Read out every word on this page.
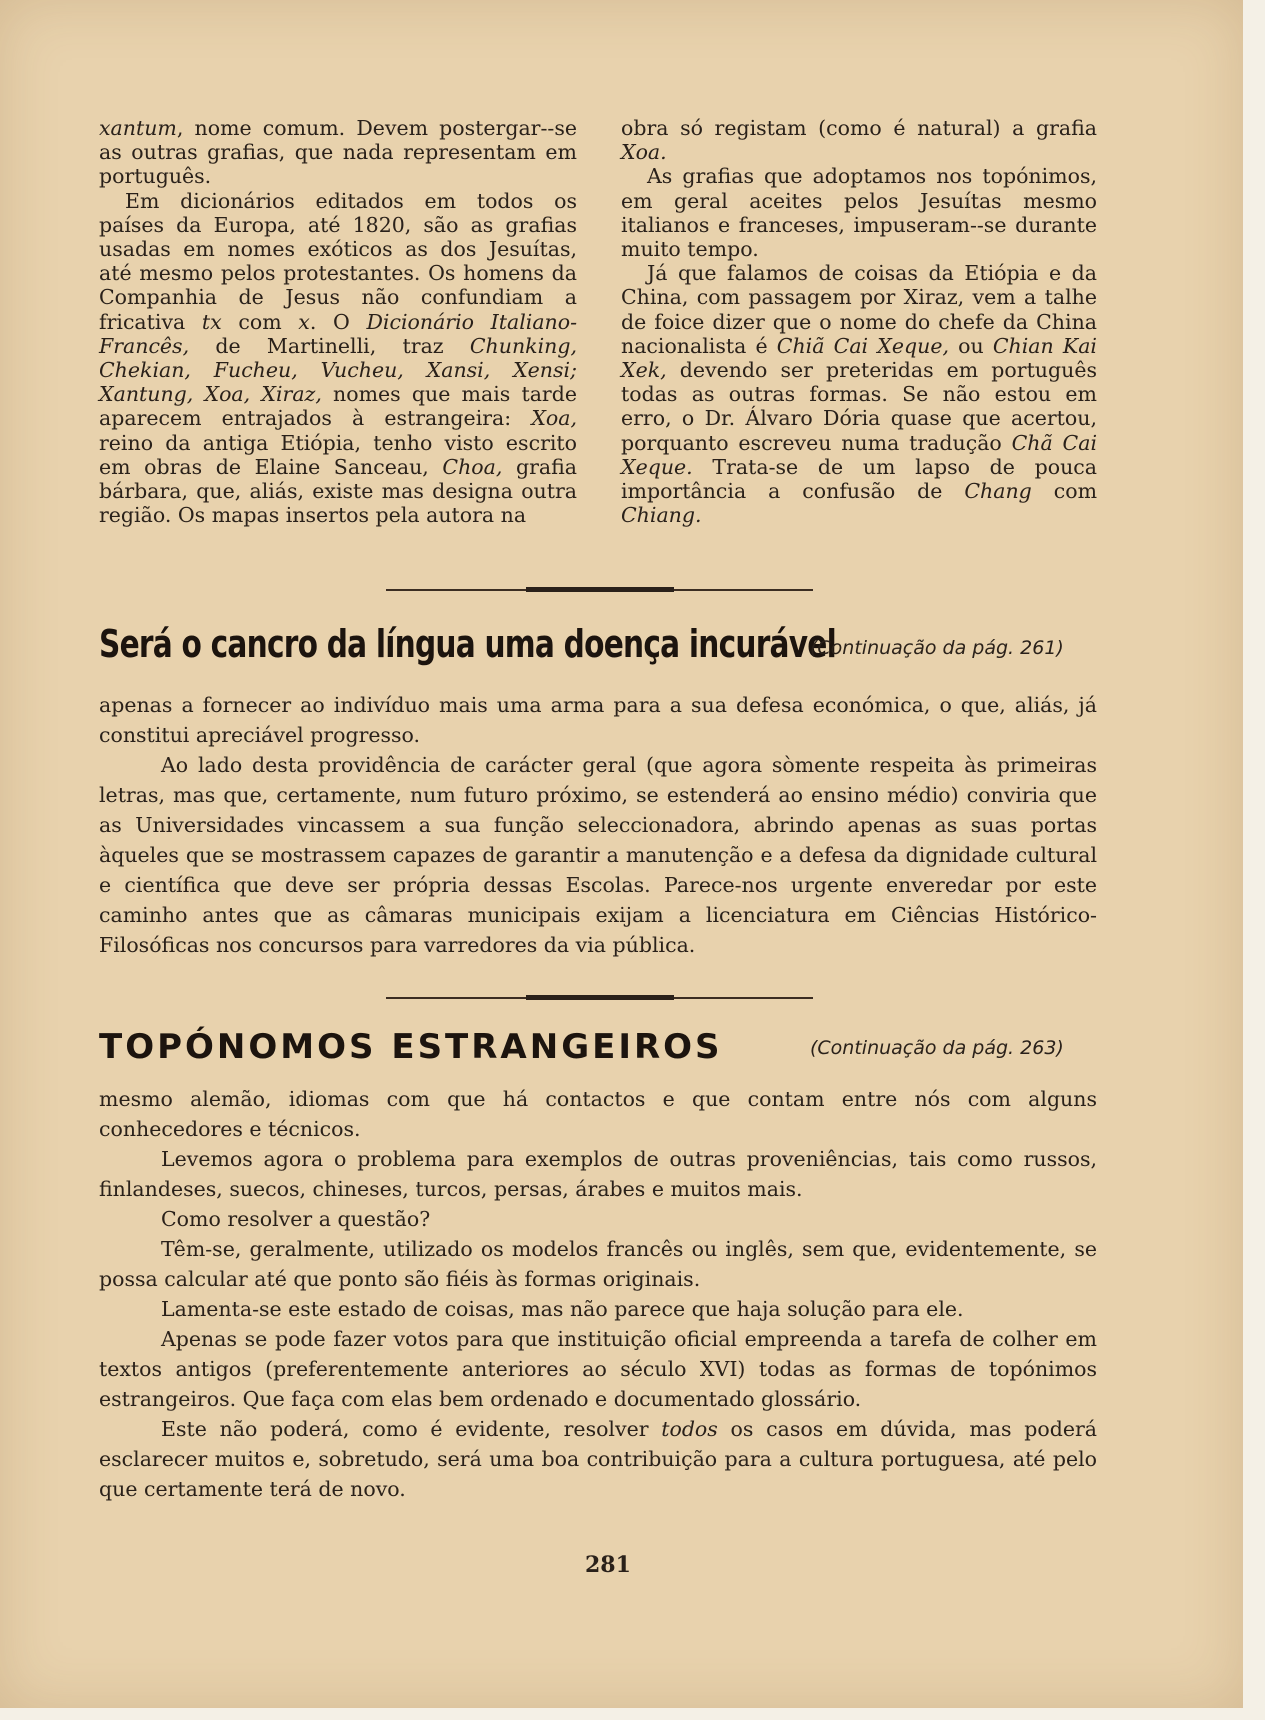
xantum, nome comum. Devem postergar--se as outras grafias, que nada representam em português.

Em dicionários editados em todos os países da Europa, até 1820, são as grafias usadas em nomes exóticos as dos Jesuítas, até mesmo pelos protestantes. Os homens da Companhia de Jesus não confundiam a fricativa tx com x. O Dicionário Italiano-Francês, de Martinelli, traz Chunking, Chekian, Fucheu, Vucheu, Xansi, Xensi; Xantung, Xoa, Xiraz, nomes que mais tarde aparecem entrajados à estrangeira: Xoa, reino da antiga Etiópia, tenho visto escrito em obras de Elaine Sanceau, Choa, grafia bárbara, que, aliás, existe mas designa outra região. Os mapas insertos pela autora na

obra só registam (como é natural) a grafia Xoa.

As grafias que adoptamos nos topónimos, em geral aceites pelos Jesuítas mesmo italianos e franceses, impuseram--se durante muito tempo.

Já que falamos de coisas da Etiópia e da China, com passagem por Xiraz, vem a talhe de foice dizer que o nome do chefe da China nacionalista é Chiã Cai Xeque, ou Chian Kai Xek, devendo ser preteridas em português todas as outras formas. Se não estou em erro, o Dr. Álvaro Dória quase que acertou, porquanto escreveu numa tradução Chã Cai Xeque. Trata-se de um lapso de pouca importância a confusão de Chang com Chiang.

Será o cancro da língua uma doença incurável
(Continuação da pág. 261)

apenas a fornecer ao indivíduo mais uma arma para a sua defesa económica, o que, aliás, já constitui apreciável progresso.

Ao lado desta providência de carácter geral (que agora sòmente respeita às primeiras letras, mas que, certamente, num futuro próximo, se estenderá ao ensino médio) conviria que as Universidades vincassem a sua função seleccionadora, abrindo apenas as suas portas àqueles que se mostrassem capazes de garantir a manutenção e a defesa da dignidade cultural e científica que deve ser própria dessas Escolas. Parece-nos urgente enveredar por este caminho antes que as câmaras municipais exijam a licenciatura em Ciências Histórico-Filosóficas nos concursos para varredores da via pública.

TOPÓNOMOS ESTRANGEIROS	(Continuação da pág. 263)

mesmo alemão, idiomas com que há contactos e que contam entre nós com alguns conhecedores e técnicos.

Levemos agora o problema para exemplos de outras proveniências, tais como russos, finlandeses, suecos, chineses, turcos, persas, árabes e muitos mais.

Como resolver a questão?

Têm-se, geralmente, utilizado os modelos francês ou inglês, sem que, evidentemente, se possa calcular até que ponto são fiéis às formas originais.

Lamenta-se este estado de coisas, mas não parece que haja solução para ele.

Apenas se pode fazer votos para que instituição oficial empreenda a tarefa de colher em textos antigos (preferentemente anteriores ao século XVI) todas as formas de topónimos estrangeiros. Que faça com elas bem ordenado e documentado glossário.

Este não poderá, como é evidente, resolver todos os casos em dúvida, mas poderá esclarecer muitos e, sobretudo, será uma boa contribuição para a cultura portuguesa, até pelo que certamente terá de novo.

281
